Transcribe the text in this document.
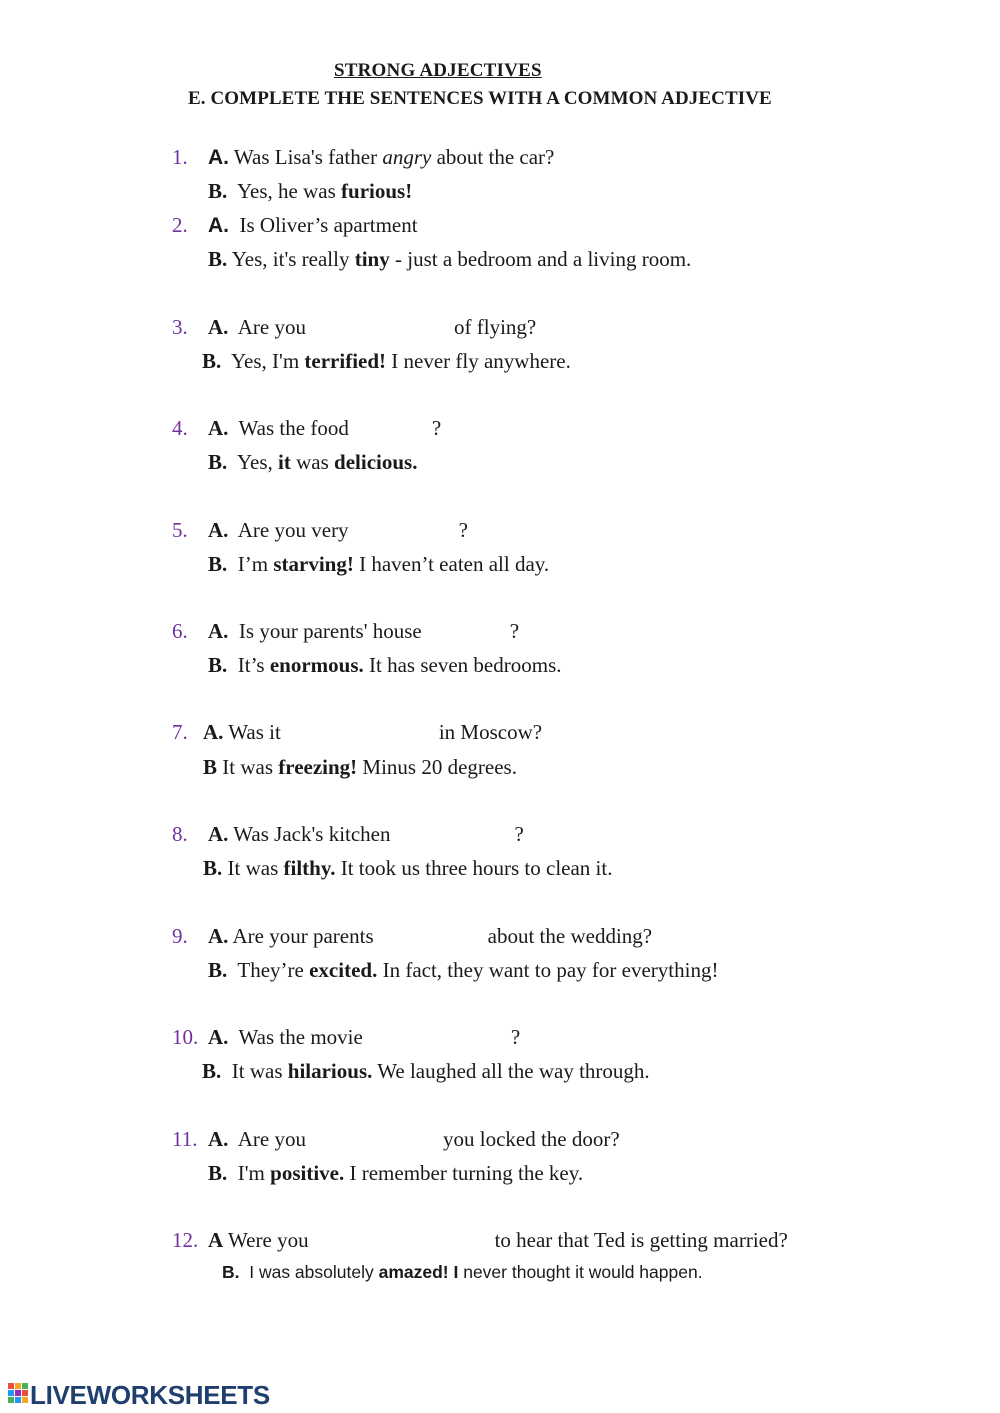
STRONG ADJECTIVES
E. COMPLETE THE SENTENCES WITH A COMMON ADJECTIVE
1. A. Was Lisa's father angry about the car?
B.  Yes, he was furious!
2. A.  Is Oliver’s apartment
B. Yes, it's really tiny - just a bedroom and a living room.
3. A.  Are you	of flying?
B.  Yes, I'm terrified! I never fly anywhere.
4. A.  Was the food	?
B.  Yes, it was delicious.
5. A.  Are you very	?
B.  I’m starving! I haven’t eaten all day.
6. A.  Is your parents' house	?
B.  It’s enormous. It has seven bedrooms.
7. A. Was it	in Moscow?
B It was freezing! Minus 20 degrees.
8. A. Was Jack's kitchen	?
B. It was filthy. It took us three hours to clean it.
9. A. Are your parents	about the wedding?
B.  They’re excited. In fact, they want to pay for everything!
10. A.  Was the movie	?
B.  It was hilarious. We laughed all the way through.
11. A.  Are you	you locked the door?
B.  I'm positive. I remember turning the key.
12. A Were you	to hear that Ted is getting married?
B.  I was absolutely amazed! I never thought it would happen.
LIVEWORKSHEETS
